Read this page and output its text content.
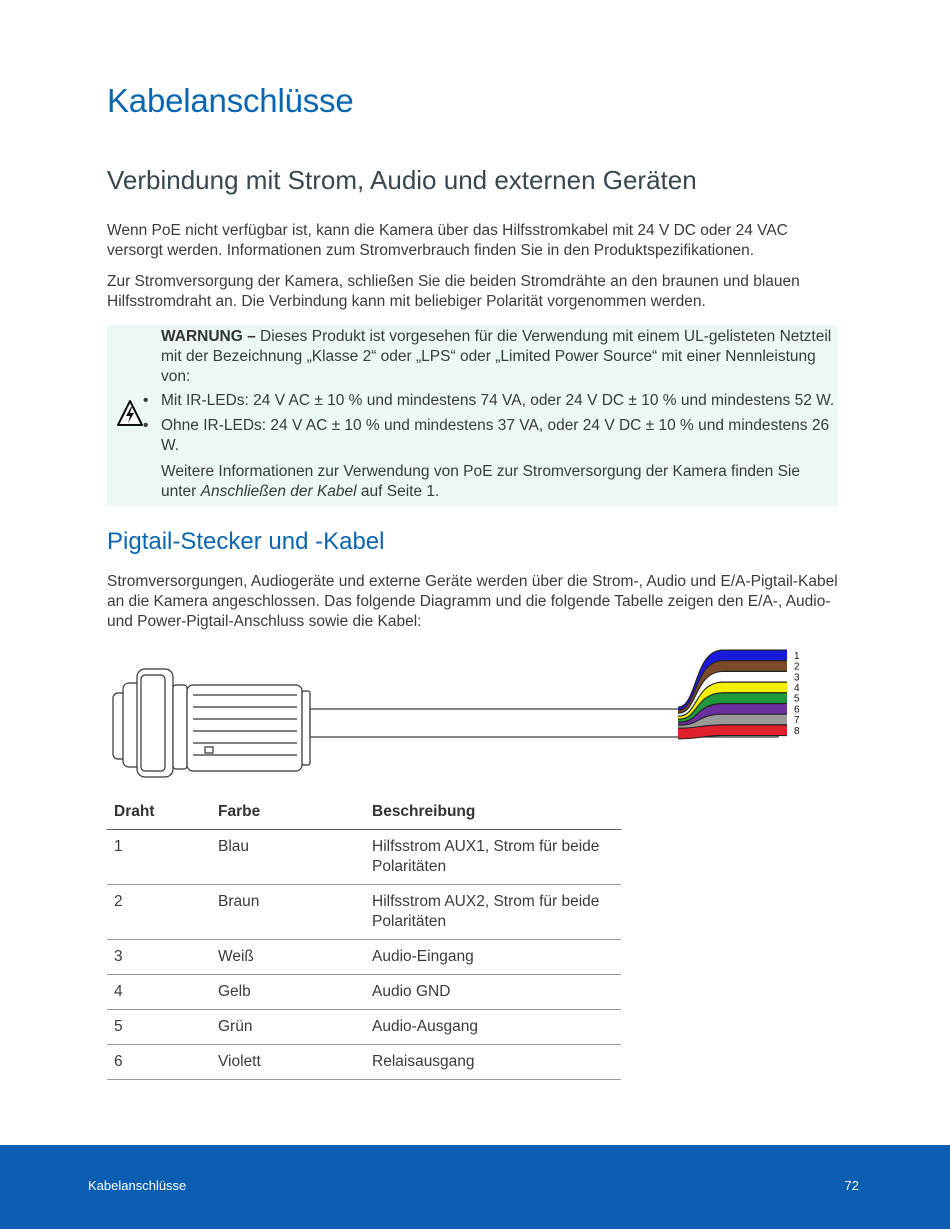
Kabelanschlüsse
Verbindung mit Strom, Audio und externen Geräten

Wenn PoE nicht verfügbar ist, kann die Kamera über das Hilfsstromkabel mit 24 V DC oder 24 VAC versorgt werden. Informationen zum Stromverbrauch finden Sie in den Produktspezifikationen.

Zur Stromversorgung der Kamera, schließen Sie die beiden Stromdrähte an den braunen und blauen Hilfsstromdraht an. Die Verbindung kann mit beliebiger Polarität vorgenommen werden.

WARNUNG – Dieses Produkt ist vorgesehen für die Verwendung mit einem UL-gelisteten Netzteil mit der Bezeichnung „Klasse 2“ oder „LPS“ oder „Limited Power Source“ mit einer Nennleistung von:
• Mit IR-LEDs: 24 V AC ± 10 % und mindestens 74 VA, oder 24 V DC ± 10 % und mindestens 52 W.
• Ohne IR-LEDs: 24 V AC ± 10 % und mindestens 37 VA, oder 24 V DC ± 10 % und mindestens 26 W.
Weitere Informationen zur Verwendung von PoE zur Stromversorgung der Kamera finden Sie unter Anschließen der Kabel auf Seite 1.
Pigtail-Stecker und -Kabel

Stromversorgungen, Audiogeräte und externe Geräte werden über die Strom-, Audio und E/A-Pigtail-Kabel an die Kamera angeschlossen. Das folgende Diagramm und die folgende Tabelle zeigen den E/A-, Audio- und Power-Pigtail-Anschluss sowie die Kabel:

1
2
3
4
5
6
7
8
Draht	Farbe	Beschreibung
1	Blau	Hilfsstrom AUX1, Strom für beide Polaritäten
2	Braun	Hilfsstrom AUX2, Strom für beide Polaritäten
3	Weiß	Audio-Eingang
4	Gelb	Audio GND
5	Grün	Audio-Ausgang
6	Violett	Relaisausgang
Kabelanschlüsse	72
